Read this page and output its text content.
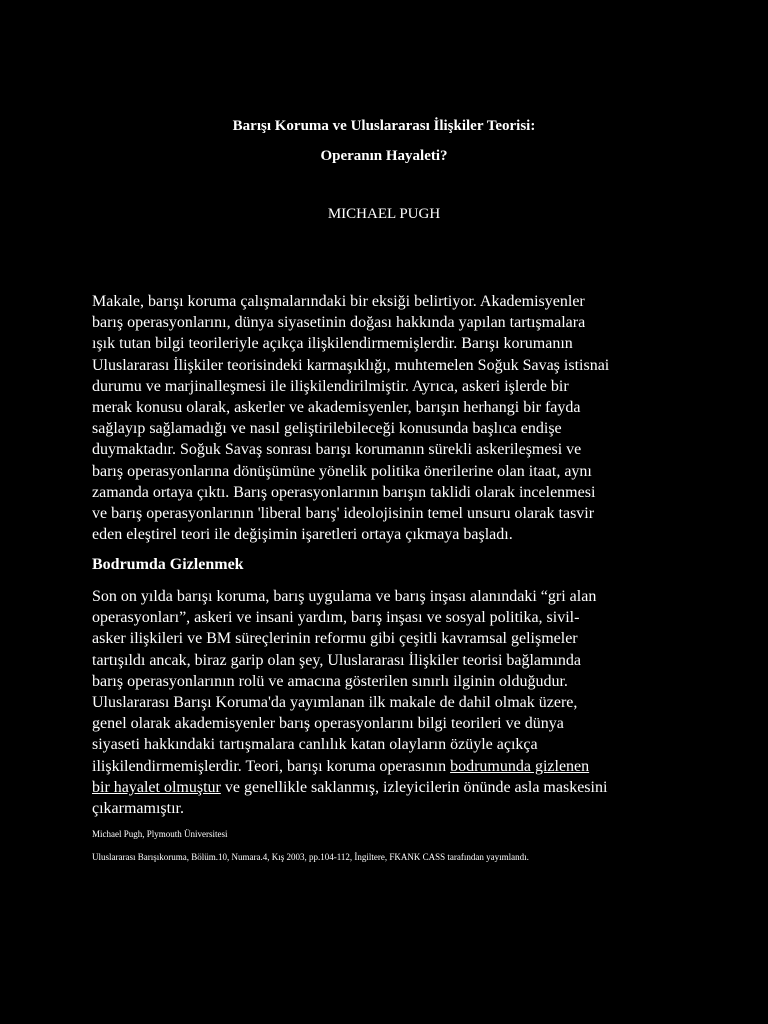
Barışı Koruma ve Uluslararası İlişkiler Teorisi:
Operanın Hayaleti?
MICHAEL PUGH
Makale, barışı koruma çalışmalarındaki bir eksiği belirtiyor. Akademisyenler
barış operasyonlarını, dünya siyasetinin doğası hakkında yapılan tartışmalara
ışık tutan bilgi teorileriyle açıkça ilişkilendirmemişlerdir. Barışı korumanın
Uluslararası İlişkiler teorisindeki karmaşıklığı, muhtemelen Soğuk Savaş istisnai
durumu ve marjinalleşmesi ile ilişkilendirilmiştir. Ayrıca, askeri işlerde bir
merak konusu olarak, askerler ve akademisyenler, barışın herhangi bir fayda
sağlayıp sağlamadığı ve nasıl geliştirilebileceği konusunda başlıca endişe
duymaktadır. Soğuk Savaş sonrası barışı korumanın sürekli askerileşmesi ve
barış operasyonlarına dönüşümüne yönelik politika önerilerine olan itaat, aynı
zamanda ortaya çıktı. Barış operasyonlarının barışın taklidi olarak incelenmesi
ve barış operasyonlarının 'liberal barış' ideolojisinin temel unsuru olarak tasvir
eden eleştirel teori ile değişimin işaretleri ortaya çıkmaya başladı.
Bodrumda Gizlenmek
Son on yılda barışı koruma, barış uygulama ve barış inşası alanındaki “gri alan
operasyonları”, askeri ve insani yardım, barış inşası ve sosyal politika, sivil-
asker ilişkileri ve BM süreçlerinin reformu gibi çeşitli kavramsal gelişmeler
tartışıldı ancak, biraz garip olan şey, Uluslararası İlişkiler teorisi bağlamında
barış operasyonlarının rolü ve amacına gösterilen sınırlı ilginin olduğudur.
Uluslararası Barışı Koruma'da yayımlanan ilk makale de dahil olmak üzere,
genel olarak akademisyenler barış operasyonlarını bilgi teorileri ve dünya
siyaseti hakkındaki tartışmalara canlılık katan olayların özüyle açıkça
ilişkilendirmemişlerdir. Teori, barışı koruma operasının bodrumunda gizlenen
bir hayalet olmuştur ve genellikle saklanmış, izleyicilerin önünde asla maskesini
çıkarmamıştır.
Michael Pugh, Plymouth Üniversitesi
Uluslararası Barışıkoruma, Bölüm.10, Numara.4, Kış 2003, pp.104-112, İngiltere, FKANK CASS tarafından yayımlandı.
